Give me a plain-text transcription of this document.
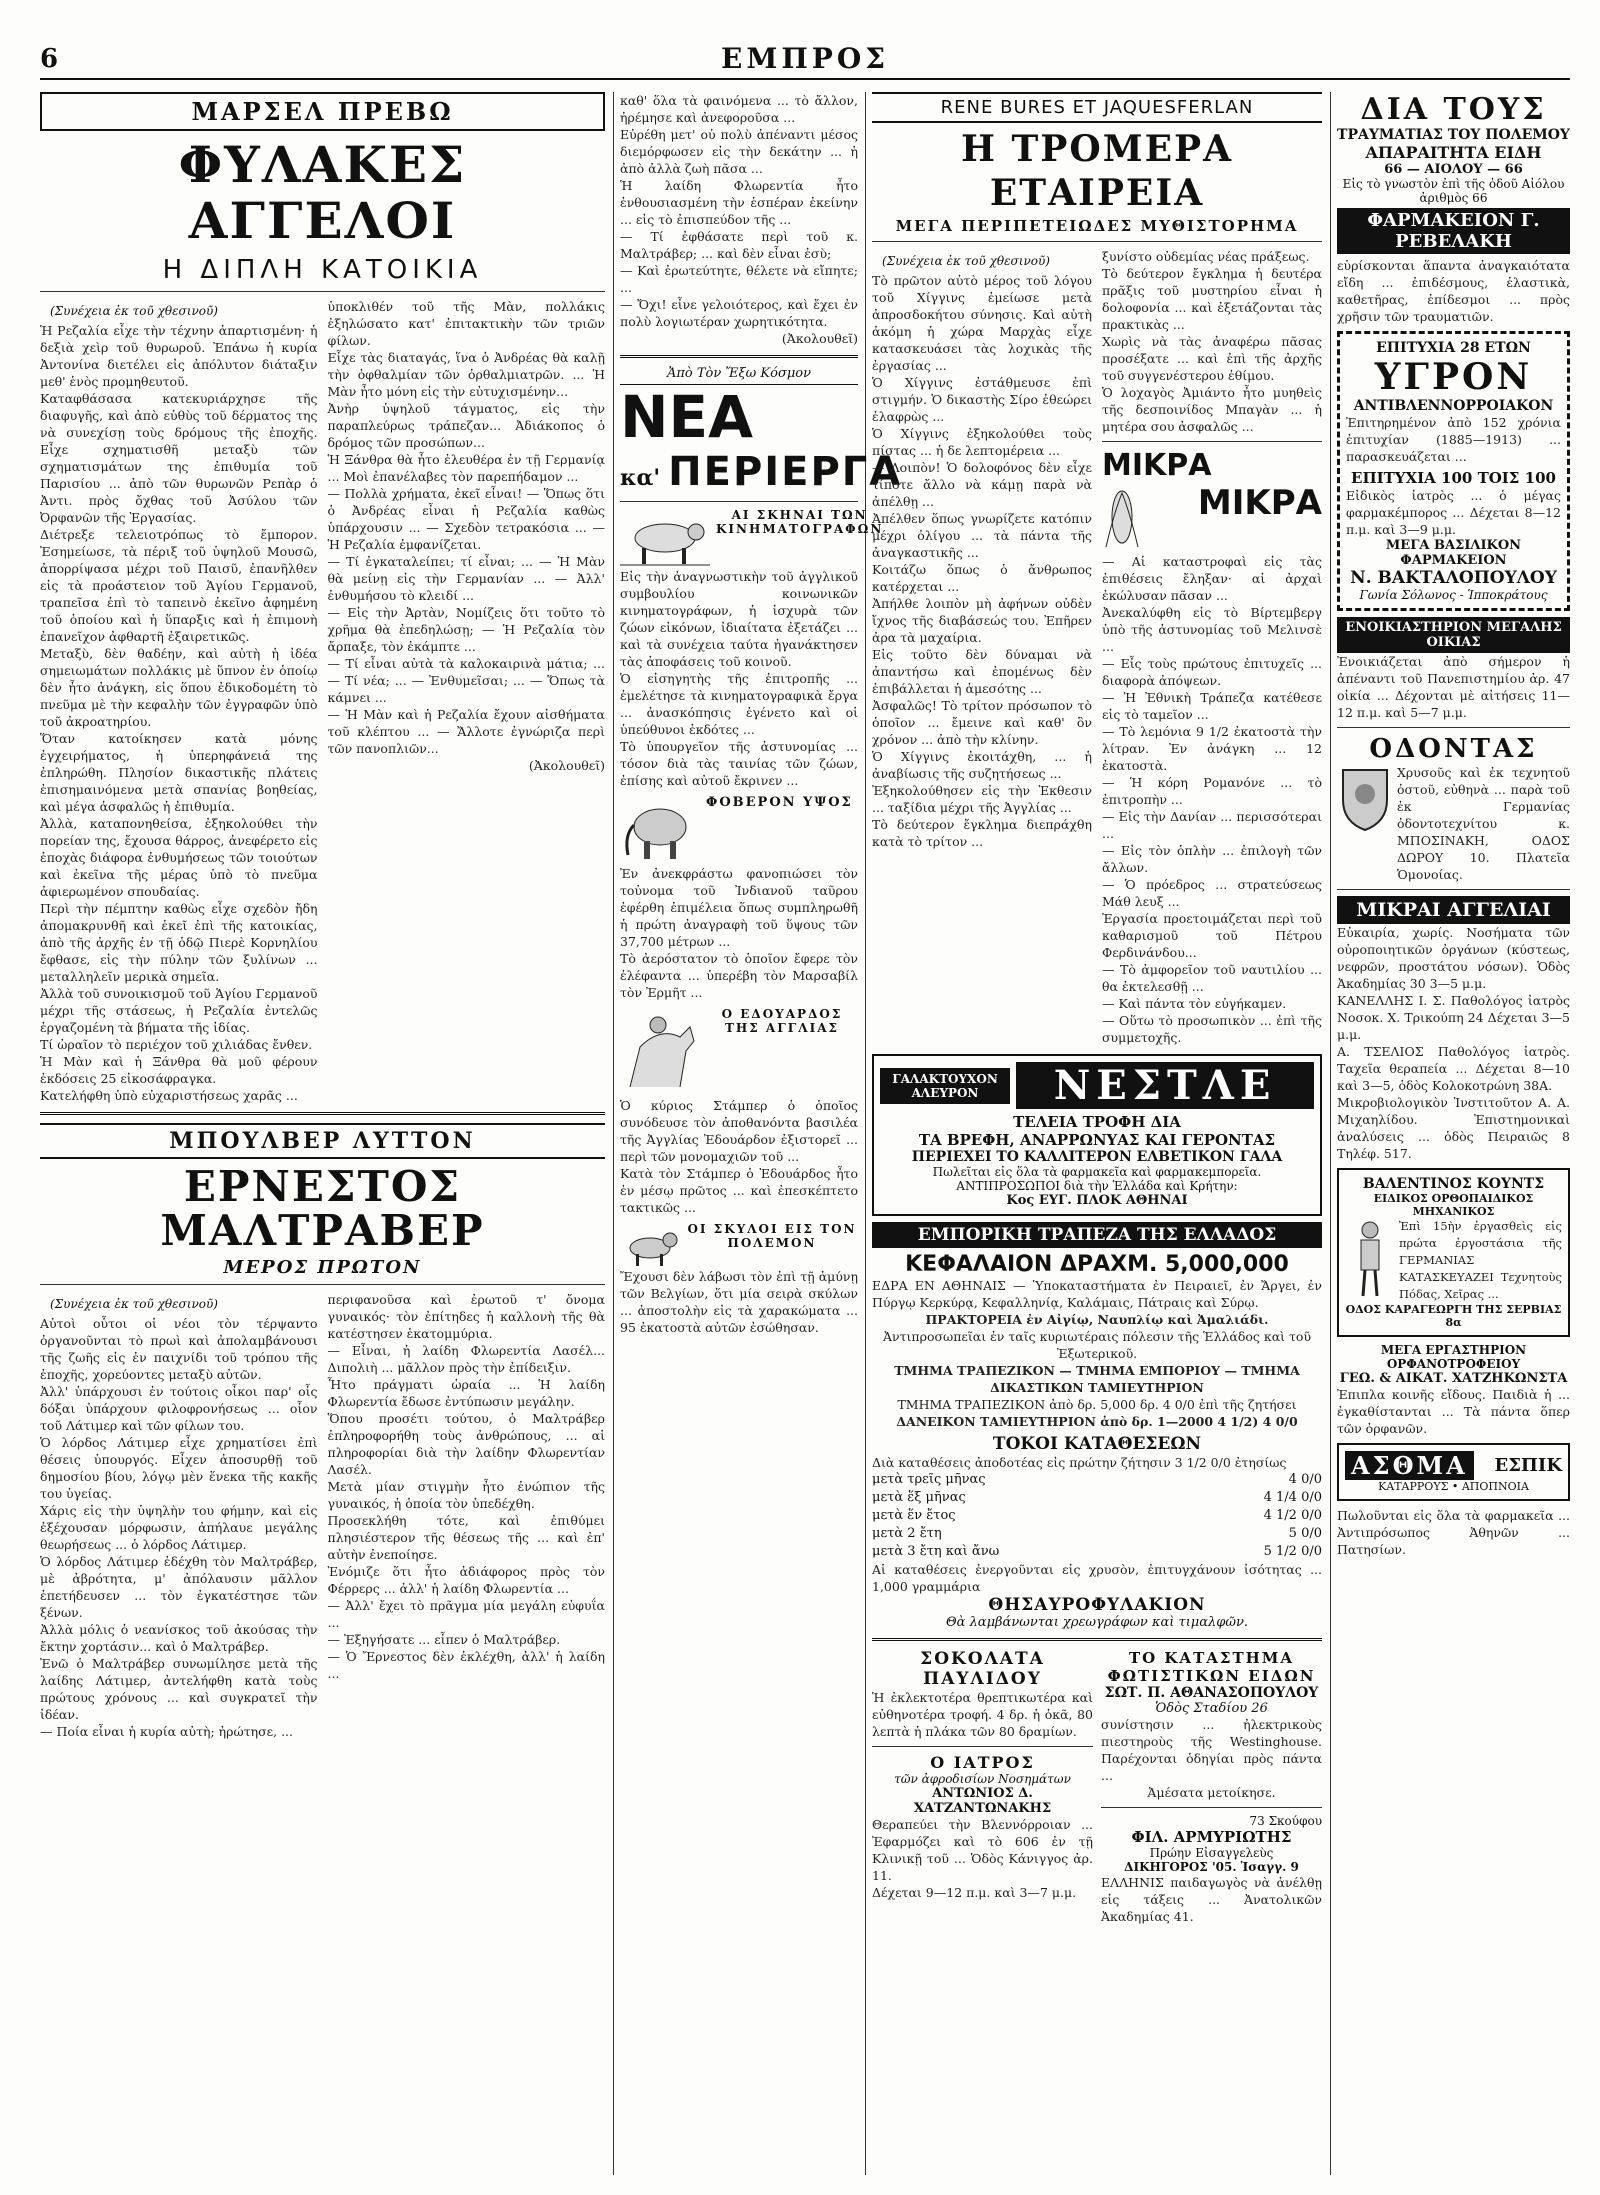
6	ΕΜΠΡΟΣ
ΜΑΡΣΕΛ ΠΡΕΒΩ
ΦΥΛΑΚΕΣ ΑΓΓΕΛΟΙ
Η ΔΙΠΛΗ ΚΑΤΟΙΚΙΑ
(Συνέχεια ἐκ τοῦ χθεσινοῦ)

Ἡ Ρεζαλία εἶχε τὴν τέχνην ἀπαρτισμένη· ἡ δεξιὰ χεὶρ τοῦ θυρωροῦ. Ἐπάνω ἡ κυρία Ἀντονίνα διετέλει εἰς ἀπόλυτον διάταξιν μεθ' ἑνὸς προμηθευτοῦ.

Καταφθάσασα κατεκυριάρχησε τῆς διαφυγῆς, καὶ ἀπὸ εὐθὺς τοῦ δέρματος της νὰ συνεχίσῃ τοὺς δρόμους τῆς ἐποχῆς. Εἶχε σχηματισθῆ μεταξὺ τῶν σχηματισμάτων της ἐπιθυμία τοῦ Παρισίου ... ἀπὸ τῶν θυρωνῶν Ρεπὰρ ὁ Ἀντι. πρὸς ὄχθας τοῦ Ἀσύλου τῶν Ὀρφανῶν τῆς Ἐργασίας.

Διέτρεξε τελειοτρόπως τὸ ἔμπορον. Ἐσημείωσε, τὰ πέριξ τοῦ ὑψηλοῦ Μουσῶ, ἀπορρίψασα μέχρι τοῦ Παισῦ, ἐπανῆλθεν εἰς τὰ προάστειον τοῦ Ἁγίου Γερμανοῦ, τραπεῖσα ἐπὶ τὸ ταπεινὸ ἐκεῖνο ἀφημένη τοῦ ὁποίου καὶ ἡ ὕπαρξις καὶ ἡ ἐπιμονὴ ἐπανεῖχον ἀφθαρτῆ ἐξαιρετικῶς.

Μεταξὺ, δὲν θαδέην, καὶ αὐτὴ ἡ ἰδέα σημειωμάτων πολλάκις μὲ ὕπνον ἐν ὁποίῳ δὲν ἦτο ἀνάγκη, εἰς ὅπου ἐδικοδομέτη τὸ πνεῦμα μὲ τὴν κεφαλὴν τῶν ἐγγραφῶν ὑπὸ τοῦ ἀκροατηρίου.

Ὅταν κατοίκησεν κατὰ μόνης ἐγχειρήματος, ἡ ὑπερηφάνειά της ἐπληρώθη. Πλησίον δικαστικῆς πλάτεις ἐπισημαινόμενα μετὰ σπανίας βοηθείας, καὶ μέγα ἀσφαλῶς ἡ ἐπιθυμία.

Ἀλλὰ, καταπονηθείσα, ἐξηκολούθει τὴν πορείαν της, ἔχουσα θάρρος, ἀνεφέρετο εἰς ἐποχὰς διάφορα ἐνθυμήσεως τῶν τοιούτων καὶ ἐκεῖνα τῆς μέρας ὑπὸ τὸ πνεῦμα ἀφιερωμένον σπουδαίας.

Περὶ τὴν πέμπτην καθὼς εἶχε σχεδὸν ἤδη ἀπομακρυνθῆ καὶ ἐκεῖ ἐπὶ τῆς κατοικίας, ἀπὸ τῆς ἀρχῆς ἐν τῇ ὁδῷ Πιερὲ Κορνηλίου ἔφθασε, εἰς τὴν πύλην τῶν ξυλίνων ... μεταλληλεῖν μερικὰ σημεῖα.

Ἀλλὰ τοῦ συνοικισμοῦ τοῦ Ἁγίου Γερμανοῦ μέχρι τῆς στάσεως, ἡ Ρεζαλία ἐντελῶς ἐργαζομένη τὰ βήματα τῆς ἰδίας.

Τί ὠραῖον τὸ περιέχον τοῦ χιλιάδας ἔνθεν.

Ἡ Μὰν καὶ ἡ Ξάνθρα θὰ μοῦ φέρουν ἐκδόσεις 25 εἰκοσάφραγκα.

Κατελήφθη ὑπὸ εὐχαριστήσεως χαρᾶς ...

ὑποκλιθέν τοῦ τῆς Μὰν, πολλάκις ἐξηλώσατο κατ' ἐπιτακτικὴν τῶν τριῶν φίλων.

Εἶχε τὰς διαταγάς, ἵνα ὁ Ἀνδρέας θὰ καλῇ τὴν ὀφθαλμίαν τῶν ὀρθαλμιατρῶν. ... Ἡ Μὰν ἦτο μόνη εἰς τὴν εὐτυχισμένην...

Ἀνὴρ ὑψηλοῦ τάγματος, εἰς τὴν παραπλεύρως τράπεζαν... Ἀδιάκοπος ὁ δρόμος τῶν προσώπων...

Ἡ Ξάνθρα θὰ ἦτο ἐλευθέρα ἐν τῇ Γερμανίᾳ ... Μοὶ ἐπανέλαβες τὸν παρεπήδαμον ...

— Πολλὰ χρήματα, ἐκεῖ εἶναι! — Ὅπως ὅτι ὁ Ἀνδρέας εἶναι ἡ Ρεζαλία καθὼς ὑπάρχουσιν ... — Σχεδὸν τετρακόσια ... — Ἡ Ρεζαλία ἐμφανίζεται.

— Τί ἐγκαταλείπει; τί εἶναι; ... — Ἡ Μὰν θὰ μείνῃ εἰς τὴν Γερμανίαν ... — Ἀλλ' ἐνθυμήσου τὸ κλειδί ...

— Εἰς τὴν Ἀρτὰν, Νομίζεις ὅτι τοῦτο τὸ χρῆμα θὰ ἐπεδηλώσῃ; — Ἡ Ρεζαλία τὸν ἄρπαξε, τὸν ἐκάμπτε ...

— Τί εἶναι αὐτὰ τὰ καλοκαιρινὰ μάτια; ... — Τί νέα; ... — Ἐνθυμεῖσαι; ... — Ὅπως τὰ κάμνει ...

— Ἡ Μὰν καὶ ἡ Ρεζαλία ἔχουν αἰσθήματα τοῦ κλέπτου ... — Ἄλλοτε ἐγνώριζα περὶ τῶν πανοπλιῶν...

(Ἀκολουθεῖ)

ΜΠΟΥΛΒΕΡ ΛΥΤΤΟΝ
ΕΡΝΕΣΤΟΣ ΜΑΛΤΡΑΒΕΡ
ΜΕΡΟΣ ΠΡΩΤΟΝ
(Συνέχεια ἐκ τοῦ χθεσινοῦ)

Αὐτοὶ οὗτοι οἱ νέοι τὸν τέρψαντο ὀργανοῦνται τὸ πρωὶ καὶ ἀπολαμβάνουσι τῆς ζωῆς εἰς ἐν παιχνίδι τοῦ τρόπου τῆς ἐποχῆς, χορεύοντες μεταξὺ αὐτῶν.

Ἀλλ' ὑπάρχουσι ἐν τούτοις οἶκοι παρ' οἷς δόξαι ὑπάρχουν φιλοφρονήσεως ... οἷον τοῦ Λάτιμερ καὶ τῶν φίλων του.

Ὁ λόρδος Λάτιμερ εἶχε χρηματίσει ἐπὶ θέσεις ὑπουργός. Εἶχεν ἀποσυρθῇ τοῦ δημοσίου βίου, λόγῳ μὲν ἕνεκα τῆς κακῆς του ὑγείας.

Χάρις εἰς τὴν ὑψηλὴν του φήμην, καὶ εἰς ἐξέχουσαν μόρφωσιν, ἀπήλαυε μεγάλης θεωρήσεως ... ὁ λόρδος Λάτιμερ.

Ὁ λόρδος Λάτιμερ ἐδέχθη τὸν Μαλτράβερ, μὲ ἀβρότητα, μ' ἀπόλαυσιν μᾶλλον ἐπετήδευσεν ... τὸν ἐγκατέστησε τῶν ξένων.

Ἀλλὰ μόλις ὁ νεανίσκος τοῦ ἀκούσας τὴν ἔκτην χορτάσιν... καὶ ὁ Μαλτράβερ.

Ἐνῶ ὁ Μαλτράβερ συνωμίλησε μετὰ τῆς λαίδης Λάτιμερ, ἀντελήφθη κατὰ τοὺς πρώτους χρόνους ... καὶ συγκρατεῖ τὴν ἰδέαν.

— Ποία εἶναι ἡ κυρία αὐτὴ; ἠρώτησε, ...

περιφανοῦσα καὶ ἐρωτοῦ τ' ὄνομα γυναικός· τὸν ἐπίτηδες ἡ καλλονὴ τῆς θὰ κατέστησεν ἑκατομμύρια.

— Εἶναι, ἡ λαίδη Φλωρεντία Λασέλ... Διπολιὴ ... μᾶλλον πρὸς τὴν ἐπίδειξιν.

Ἦτο πράγματι ὡραία ... Ἡ λαίδη Φλωρεντία ἔδωσε ἐντύπωσιν μεγάλην.

Ὅπου προσέτι τούτου, ὁ Μαλτράβερ ἐπληροφορήθη τοὺς ἀνθρώπους, ... αἱ πληροφορίαι διὰ τὴν λαίδην Φλωρεντίαν Λασέλ.

Μετὰ μίαν στιγμὴν ἦτο ἐνώπιον τῆς γυναικός, ἡ ὁποία τὸν ὑπεδέχθη.

Προσεκλήθη τότε, καὶ ἐπιθύμει πλησιέστερον τῆς θέσεως τῆς ... καὶ ἐπ' αὐτὴν ἐνεποίησε.

Ἐνόμιζε ὅτι ἦτο ἀδιάφορος πρὸς τὸν Φέρρερς ... ἀλλ' ἡ λαίδη Φλωρεντία ...

— Ἀλλ' ἔχει τὸ πρᾶγμα μία μεγάλη εὐφυΐα ...

— Ἐξηγήσατε ... εἶπεν ὁ Μαλτράβερ.

— Ὁ Ἔρνεστος δὲν ἐκλέχθη, ἀλλ' ἡ λαίδη ...

καθ' ὅλα τὰ φαινόμενα ... τὸ ἄλλον, ἠρέμησε καὶ ἀνεφοροῦσα ...

Εὐρέθη μετ' οὐ πολὺ ἀπέναντι μέσος διεμόρφωσεν εἰς τὴν δεκάτην ... ἡ ἀπὸ ἀλλὰ ζωὴ πᾶσα ...

Ἡ λαίδη Φλωρεντία ἦτο ἐνθουσιασμένη τὴν ἑσπέραν ἐκείνην ... εἰς τὸ ἐπισπεύδον τῆς ...

— Τί ἐφθάσατε περὶ τοῦ κ. Μαλτράβερ; ... καὶ δὲν εἶναι ἐσὺ;

— Καὶ ἐρωτεύτητε, θέλετε νὰ εἴπητε; ...

— Ὄχι! εἶνε γελοιότερος, καὶ ἔχει ἐν πολὺ λογιωτέραν χωρητικότητα.

(Ἀκολουθεῖ)

Ἀπὸ Τὸν Ἔξω Κόσμον
ΝΕΑ
κα' ΠΕΡΙΕΡΓΑ
ΑΙ ΣΚΗΝΑΙ ΤΩΝ ΚΙΝΗΜΑΤΟΓΡΑΦΩΝ

Εἰς τὴν ἀναγνωστικὴν τοῦ ἀγγλικοῦ συμβουλίου κοινωνικῶν κινηματογράφων, ἡ ἰσχυρὰ τῶν ζώων εἰκόνων, ἰδιαίτατα ἐξετάζει ... καὶ τὰ συνέχεια ταύτα ἠγανάκτησεν τὰς ἀποφάσεις τοῦ κοινοῦ.

Ὁ εἰσηγητὴς τῆς ἐπιτροπῆς ... ἐμελέτησε τὰ κινηματογραφικὰ ἔργα ... ἀνασκόπησις ἐγένετο καὶ οἱ ὑπεύθυνοι ἐκδότες ...

Τὸ ὑπουργεῖον τῆς ἀστυνομίας ... τόσον διὰ τὰς ταινίας τῶν ζώων, ἐπίσης καὶ αὐτοῦ ἔκρινεν ...

ΦΟΒΕΡΟΝ ΥΨΟΣ

Ἐν ἀνεκφράστω φανοπιώσει τὸν τοὐνομα τοῦ Ἰνδιανοῦ ταῦρου ἐφέρθη ἐπιμέλεια ὅπως συμπληρωθῆ ἡ πρώτη ἀναγραφὴ τοῦ ὕψους τῶν 37,700 μέτρων ...

Τὸ ἀερόστατον τὸ ὁποῖον ἔφερε τὸν ἐλέφαντα ... ὑπερέβη τὸν Μαρσαβίλ τὸν Ἐρμῆτ ...

Ο ΕΔΟΥΑΡΔΟΣ ΤΗΣ ΑΓΓΛΙΑΣ

Ὁ κύριος Στάμπερ ὁ ὁποῖος συνόδευσε τὸν ἀποθανόντα βασιλέα τῆς Ἀγγλίας Ἐδουάρδον ἐξιστορεῖ ... περὶ τῶν μονομαχιῶν τοῦ ...

Κατὰ τὸν Στάμπερ ὁ Ἐδουάρδος ἦτο ἐν μέσῳ πρῶτος ... καὶ ἐπεσκέπτετο τακτικῶς ...

ΟΙ ΣΚΥΛΟΙ ΕΙΣ ΤΟΝ ΠΟΛΕΜΟΝ

Ἔχουσι δὲν λάβωσι τὸν ἐπὶ τῇ ἀμύνῃ τῶν Βελγίων, ὅτι μία σειρὰ σκύλων ... ἀποστολὴν εἰς τὰ χαρακώματα ... 95 ἐκατοστὰ αὐτῶν ἐσώθησαν.

RENE BURES ET JAQUESFERLAN
Η ΤΡΟΜΕΡΑ ΕΤΑΙΡΕΙΑ
ΜΕΓΑ ΠΕΡΙΠΕΤΕΙΩΔΕΣ ΜΥΘΙΣΤΟΡΗΜΑ
(Συνέχεια ἐκ τοῦ χθεσινοῦ)

Τὸ πρῶτον αὐτὸ μέρος τοῦ λόγου τοῦ Χίγγινς ἐμείωσε μετὰ ἀπροσδοκήτου σύνησις. Καὶ αὐτὴ ἀκόμη ἡ χώρα Μαρχὰς εἶχε κατασκευάσει τὰς λοχικὰς τῆς ἐργασίας ...

Ὁ Χίγγινς ἐστάθμευσε ἐπὶ στιγμήν. Ὁ δικαστὴς Σίρο ἐθεώρει ἐλαφρὼς ...

Ὁ Χίγγινς ἐξηκολούθει τοὺς πίστας ... ἡ δε λεπτομέρεια ...

— Λοιπὸν! Ὁ δολοφόνος δὲν εἶχε τίποτε ἄλλο νὰ κάμῃ παρὰ νὰ ἀπέλθῃ ...

Ἀπέλθεν ὅπως γνωρίζετε κατόπιν μέχρι ὀλίγου ... τὰ πάντα τῆς ἀναγκαστικῆς ...

Κοιτάζω ὅπως ὁ ἄνθρωπος κατέρχεται ...

Ἀπήλθε λοιπὸν μὴ ἀφήνων οὐδὲν ἴχνος τῆς διαβάσεώς του. Ἐπῆρεν ἀρα τὰ μαχαίρια.

Εἰς τοῦτο δὲν δύναμαι νὰ ἀπαντήσω καὶ ἐπομένως δὲν ἐπιβάλλεται ἡ ἀμεσότης ...

Ἀσφαλῶς! Τὸ τρίτον πρόσωπον τὸ ὁποῖον ... ἔμεινε καὶ καθ' ὃν χρόνον ... ἀπὸ τὴν κλίνην.

Ὁ Χίγγινς ἐκοιτάχθη, ... ἡ ἀναβίωσις τῆς συζητήσεως ...

Ἐξηκολούθησεν εἰς τὴν Ἐκθεσιν ... ταξίδια μέχρι τῆς Ἀγγλίας ...

Τὸ δεύτερον ἔγκλημα διεπράχθη κατὰ τὸ τρίτον ...

ξυνίστο οὐδεμίας νέας πράξεως.

Τὸ δεύτερον ἔγκλημα ἡ δευτέρα πρᾶξις τοῦ μυστηρίου εἶναι ἡ δολοφονία ... καὶ ἐξετάζονται τὰς πρακτικὰς ...

Χωρὶς νὰ τὰς ἀναφέρω πᾶσας προσέξατε ... καὶ ἐπὶ τῆς ἀρχῆς τοῦ συγγενέστερου ἐθίμου.

Ὁ λοχαγὸς Ἀμιάντο ἦτο μυηθεὶς τῆς δεσποινίδος Μπαγὰν ... ἡ μητέρα σου ἀσφαλῶς ...

ΜΙΚΡΑ
ΜΙΚΡΑ

— Αἱ καταστροφαὶ εἰς τὰς ἐπιθέσεις ἔληξαν· αἱ ἀρχαὶ ἐκώλυσαν πᾶσαν ...

Ἀνεκαλύφθη εἰς τὸ Βίρτεμβεργ ὑπὸ τῆς ἀστυνομίας τοῦ Μελινσὲ ...

— Εἶς τοὺς πρώτους ἐπιτυχεῖς ... διαφορὰ ἀπόψεων.

— Ἡ Ἐθνικὴ Τράπεζα κατέθεσε εἰς τὸ ταμεῖον ...

— Τὸ λεμόνια 9 1/2 ἐκατοστὰ τὴν λίτραν. Ἐν ἀνάγκη ... 12 ἐκατοστὰ.

— Ἡ κόρη Ρομανόνε ... τὸ ἐπιτροπὴν ...

— Εἰς τὴν Δανίαν ... περισσότεραι ...

— Εἰς τὸν ὁπλὴν ... ἐπιλογὴ τῶν ἄλλων.

— Ὁ πρόεδρος ... στρατεύσεως Μάθ λευξ ...

Ἐργασία προετοιμάζεται περὶ τοῦ καθαρισμοῦ τοῦ Πέτρου Φερδινάνδου...

— Τὸ ἀμφορεῖον τοῦ ναυτιλίου ... θα ἐκτελεσθῇ ...

— Καὶ πάντα τὸν εὐγήκαμεν.

— Οὕτω τὸ προσωπικὸν ... ἐπὶ τῆς συμμετοχῆς.

ΓΑΛΑΚΤΟΥΧΟΝ ΑΛΕΥΡΟΝ	ΝΕΣΤΛΕ
ΤΕΛΕΙΑ ΤΡΟΦΗ ΔΙΑ
ΤΑ ΒΡΕΦΗ, ΑΝΑΡΡΩΝΥΑΣ ΚΑΙ ΓΕΡΟΝΤΑΣ
ΠΕΡΙΕΧΕΙ ΤΟ ΚΑΛΛΙΤΕΡΟΝ ΕΛΒΕΤΙΚΟΝ ΓΑΛΑ
Πωλεῖται εἰς ὅλα τὰ φαρμακεῖα καὶ φαρμακεμπορεῖα.
ΑΝΤΙΠΡΟΣΩΠΟΙ διὰ τὴν Ἑλλάδα καὶ Κρήτην:
Κος ΕΥΓ. ΠΛΟΚ ΑΘΗΝΑΙ
ΕΜΠΟΡΙΚΗ ΤΡΑΠΕΖΑ ΤΗΣ ΕΛΛΑΔΟΣ
ΚΕΦΑΛΑΙΟΝ ΔΡΑΧΜ. 5,000,000
ΕΔΡΑ ΕΝ ΑΘΗΝΑΙΣ — Ὑποκαταστήματα ἐν Πειραιεῖ, ἐν Ἄργει, ἐν Πύργῳ Κερκύρᾳ, Κεφαλληνίᾳ, Καλάμαις, Πάτραις καὶ Σύρῳ.
ΠΡΑΚΤΟΡΕΙΑ ἐν Αἰγίῳ, Ναυπλίῳ καὶ Ἀμαλιάδι.
Ἀντιπροσωπεῖαι ἐν ταῖς κυριωτέραις πόλεσιν τῆς Ἑλλάδος καὶ τοῦ Ἐξωτερικοῦ.
ΤΜΗΜΑ ΤΡΑΠΕΖΙΚΟΝ — ΤΜΗΜΑ ΕΜΠΟΡΙΟΥ — ΤΜΗΜΑ ΔΙΚΑΣΤΙΚΩΝ ΤΑΜΙΕΥΤΗΡΙΟΝ
ΤΜΗΜΑ ΤΡΑΠΕΖΙΚΟΝ ἀπὸ δρ. 5,000 δρ. 4 0/0 ἐπὶ τῆς ζητήσει
ΔΑΝΕΙΚΟΝ ΤΑΜΙΕΥΤΗΡΙΟΝ ἀπὸ δρ. 1—2000 4 1/2) 4 0/0
ΤΟΚΟΙ ΚΑΤΑΘΕΣΕΩΝ
Διὰ καταθέσεις ἀποδοτέας εἰς πρώτην ζήτησιν 3 1/2 0/0 ἐτησίως
μετὰ τρεῖς μῆνας	4 0/0
μετὰ ἕξ μῆνας	4 1/4 0/0
μετὰ ἕν ἔτος	4 1/2 0/0
μετὰ 2 ἔτη	5 0/0
μετὰ 3 ἔτη καὶ ἄνω	5 1/2 0/0
Αἱ καταθέσεις ἐνεργοῦνται εἰς χρυσὸν, ἐπιτυγχάνουν ἰσότητας ... 1,000 γραμμάρια
ΘΗΣΑΥΡΟΦΥΛΑΚΙΟΝ
Θὰ λαμβάνωνται χρεωγράφων καὶ τιμαλφῶν.
ΣΟΚΟΛΑΤΑ ΠΑΥΛΙΔΟΥ

Ἡ ἐκλεκτοτέρα θρεπτικωτέρα καὶ εὐθηνοτέρα τροφή. 4 δρ. ἡ ὀκᾶ, 80 λεπτὰ ἡ πλάκα τῶν 80 δραμίων.

Ο ΙΑΤΡΟΣ
τῶν ἀφροδισίων Νοσημάτων
ΑΝΤΩΝΙΟΣ Δ. ΧΑΤΖΑΝΤΩΝΑΚΗΣ

Θεραπεύει τὴν Βλεννόρροιαν ... Ἐφαρμόζει καὶ τὸ 606 ἐν τῇ Κλινικῇ τοῦ ... Ὁδὸς Κάνιγγος ἀρ. 11.

Δέχεται 9—12 π.μ. καὶ 3—7 μ.μ.

ΤΟ ΚΑΤΑΣΤΗΜΑ ΦΩΤΙΣΤΙΚΩΝ ΕΙΔΩΝ
ΣΩΤ. Π. ΑΘΑΝΑΣΟΠΟΥΛΟΥ
Ὁδὸς Σταδίου 26

συνίστησιν ... ἠλεκτρικοὺς πιεστηροὺς τῆς Westinghouse. Παρέχονται ὁδηγίαι πρὸς πάντα ...

Ἀμέσατα μετοίκησε.

73 Σκούφου
ΦΙΛ. ΑΡΜΥΡΙΩΤΗΣ
Πρώην Εἰσαγγελεὺς
ΔΙΚΗΓΟΡΟΣ '05. Ἰσαγγ. 9

ΕΛΛΗΝΙΣ παιδαγωγὸς νὰ ἀνέλθῃ εἰς τάξεις ... Ἀνατολικῶν Ἀκαδημίας 41.

ΔΙΑ ΤΟΥΣ
ΤΡΑΥΜΑΤΙΑΣ ΤΟΥ ΠΟΛΕΜΟΥ
ΑΠΑΡΑΙΤΗΤΑ ΕΙΔΗ
66 — ΑΙΟΛΟΥ — 66
Εἰς τὸ γνωστὸν ἐπὶ τῆς ὁδοῦ Αἰόλου ἀριθμὸς 66
ΦΑΡΜΑΚΕΙΟΝ Γ. ΡΕΒΕΛΑΚΗ

εὑρίσκονται ἅπαντα ἀναγκαιότατα εἴδη ... ἐπιδέσμους, ἐλαστικὰ, καθετῆρας, ἐπίδεσμοι ... πρὸς χρῆσιν τῶν τραυματιῶν.

ΕΠΙΤΥΧΙΑ 28 ΕΤΩΝ
ΥΓΡΟΝ
ΑΝΤΙΒΛΕΝΝΟΡΡΟΙΑΚΟΝ

Ἐπιτηρημένον ἀπὸ 152 χρόνια ἐπιτυχίαν (1885—1913) ... παρασκευάζεται ...

ΕΠΙΤΥΧΙΑ 100 ΤΟΙΣ 100

Εἰδικὸς ἰατρὸς ... ὁ μέγας φαρμακέμπορος ... Δέχεται 8—12 π.μ. καὶ 3—9 μ.μ.

ΜΕΓΑ ΒΑΣΙΛΙΚΟΝ ΦΑΡΜΑΚΕΙΟΝ
Ν. ΒΑΚΤΑΛΟΠΟΥΛΟΥ
Γωνία Σόλωνος - Ἱπποκράτους
ΕΝΟΙΚΙΑΣΤΗΡΙΟΝ ΜΕΓΑΛΗΣ ΟΙΚΙΑΣ

Ἐνοικιάζεται ἀπὸ σήμερον ἡ ἀπέναντι τοῦ Πανεπιστημίου ἀρ. 47 οἰκία ... Δέχονται μὲ αἰτήσεις 11—12 π.μ. καὶ 5—7 μ.μ.

ΟΔΟΝΤΑΣ

Χρυσοῦς καὶ ἐκ τεχνητοῦ ὀστοῦ, εὐθηνὰ ... παρὰ τοῦ ἐκ Γερμανίας ὀδοντοτεχνίτου κ. ΜΠΟΣΙΝΑΚΗ, ΟΔΟΣ ΔΩΡΟΥ 10. Πλατεῖα Ὁμονοίας.

ΜΙΚΡΑΙ ΑΓΓΕΛΙΑΙ

Εὐκαιρία, χωρίς. Νοσήματα τῶν οὐροποιητικῶν ὀργάνων (κύστεως, νεφρῶν, προστάτου νόσων). Ὁδὸς Ἀκαδημίας 30 3—5 μ.μ.

ΚΑΝΕΛΛΗΣ Ι. Σ. Παθολόγος ἰατρὸς Νοσοκ. Χ. Τρικούπη 24 Δέχεται 3—5 μ.μ.

Α. ΤΣΕΛΙΟΣ Παθολόγος ἰατρὸς. Ταχεῖα θεραπεία ... Δέχεται 8—10 καὶ 3—5, ὁδὸς Κολοκοτρώνη 38Α.

Μικροβιολογικὸν Ἰνστιτοῦτον Α. Α. Μιχαηλίδου. Ἐπιστημονικαὶ ἀναλύσεις ... ὁδὸς Πειραιῶς 8 Τηλέφ. 517.

ΒΑΛΕΝΤΙΝΟΣ ΚΟΥΝΤΣ
ΕΙΔΙΚΟΣ ΟΡΘΟΠΑΙΔΙΚΟΣ ΜΗΧΑΝΙΚΟΣ

Ἐπὶ 15ὴν ἐργασθεὶς εἰς πρώτα ἐργοστάσια τῆς ΓΕΡΜΑΝΙΑΣ ΚΑΤΑΣΚΕΥΑΖΕΙ Τεχνητοὺς Πόδας, Χεῖρας ...

ΟΔΟΣ ΚΑΡΑΓΕΩΡΓΗ ΤΗΣ ΣΕΡΒΙΑΣ 8α
ΜΕΓΑ ΕΡΓΑΣΤΗΡΙΟΝ ΟΡΦΑΝΟΤΡΟΦΕΙΟΥ
ΓΕΩ. & ΑΙΚΑΤ. ΧΑΤΖΗΚΩΝΣΤΑ

Ἐπιπλα κοινῆς εἴδους. Παιδιὰ ἡ ... ἐγκαθίστανται ... Τὰ πάντα ὅπερ τῶν ὀρφανῶν.

ΑΣΘΜΑ	ΕΣΠΙΚ
ΚΑΤΑΡΡΟΥΣ • ΑΠΟΠΝΟΙΑ

Πωλοῦνται εἰς ὅλα τὰ φαρμακεῖα ... Ἀντιπρόσωπος Ἀθηνῶν ... Πατησίων.
